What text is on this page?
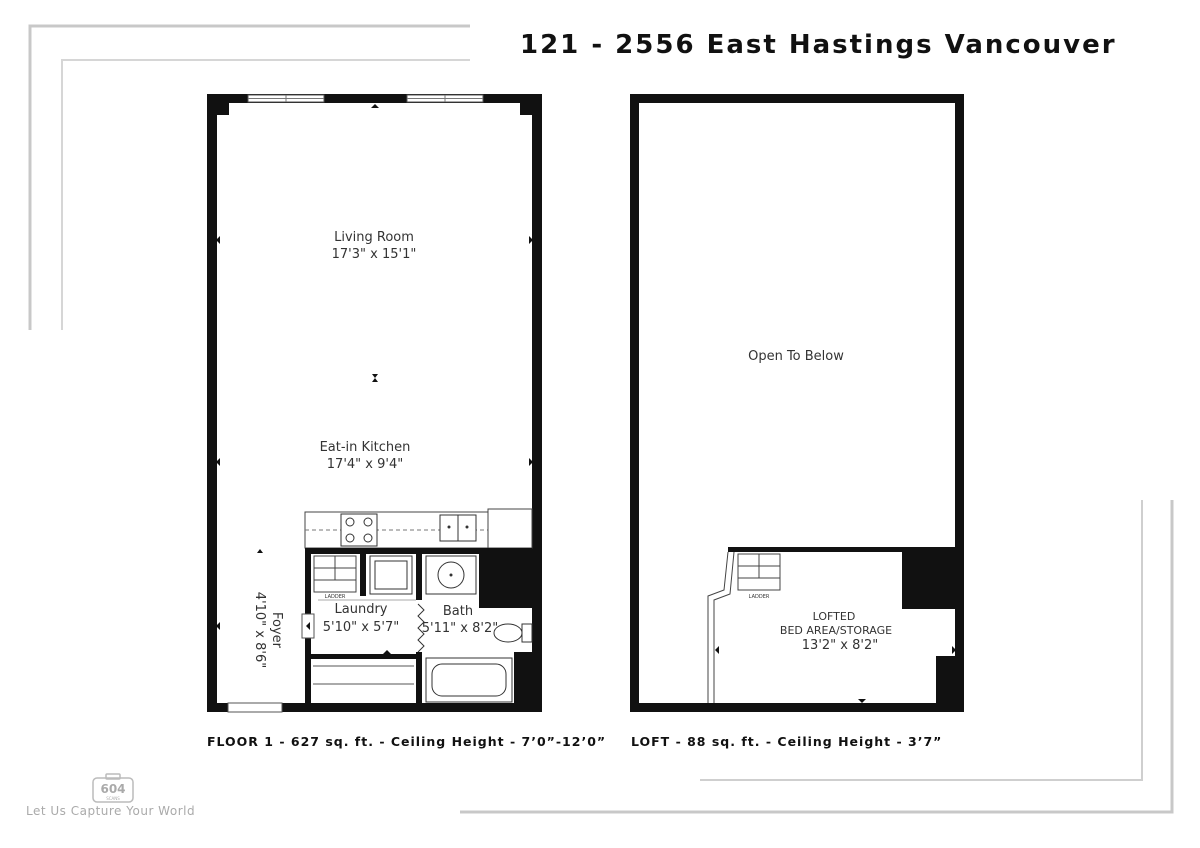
121 - 2556 East Hastings Vancouver
Living Room
17'3" x 15'1"
Eat-in Kitchen
17'4" x 9'4"
Laundry
5'10" x 5'7"
Bath
5'11" x 8'2"
Foyer
4'10" x 8'6"	LADDER
Open To Below
LOFTED
BED AREA/STORAGE
13'2" x 8'2"
LADDER
FLOOR 1 - 627 sq. ft. - Ceiling Height - 7’0”-12’0” LOFT - 88 sq. ft. - Ceiling Height - 3’7”
604
SCANS
Let Us Capture Your World
